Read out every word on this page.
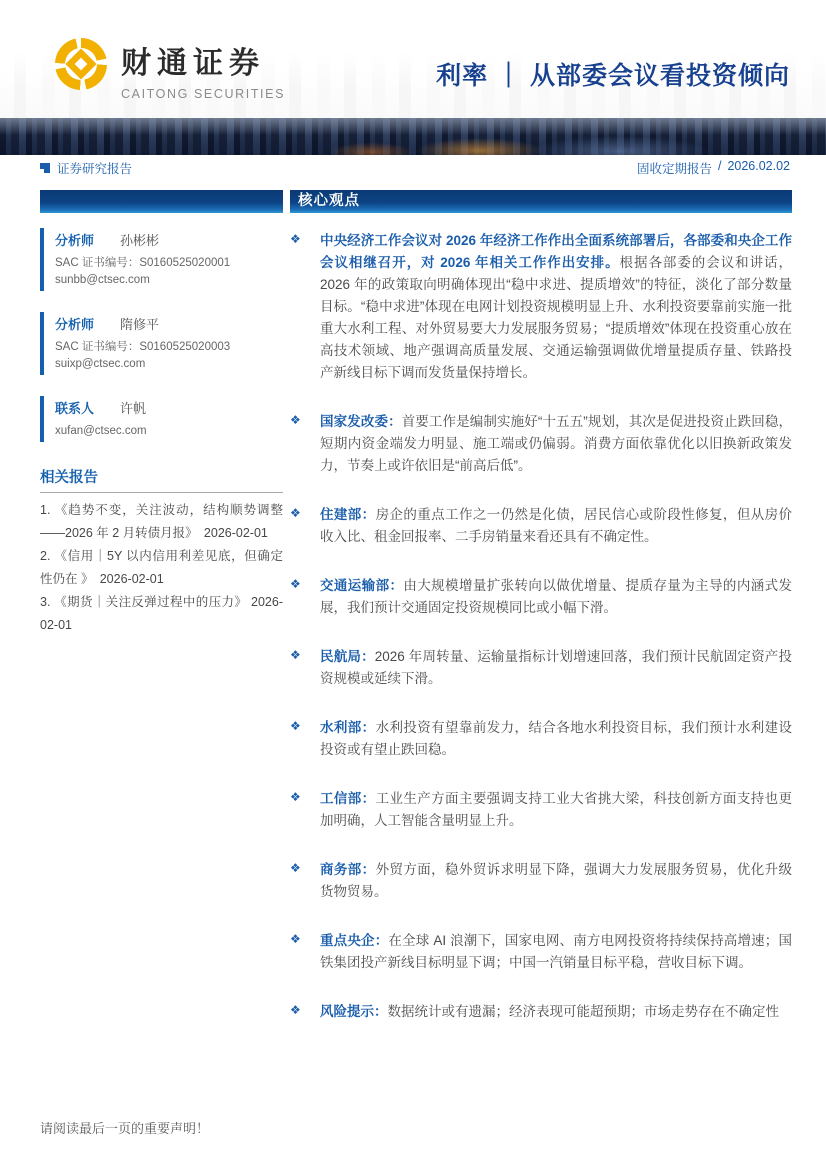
财通证券
CAITONG SECURITIES
利率 ｜ 从部委会议看投资倾向
证券研究报告	固收定期报告 / 2026.02.02
核心观点
分析师 孙彬彬
SAC 证书编号：S0160525020001
sunbb@ctsec.com
分析师 隋修平
SAC 证书编号：S0160525020003
suixp@ctsec.com
联系人 许帆
xufan@ctsec.com
相关报告
1. 《趋势不变，关注波动，结构顺势调整——2026 年 2 月转债月报》　2026-02-01
2. 《信用｜5Y 以内信用利差见底，但确定性仍在 》　2026-02-01
3. 《期货｜关注反弹过程中的压力》 2026-02-01
❖	中央经济工作会议对 2026 年经济工作作出全面系统部署后，各部委和央企工作会议相继召开，对 2026 年相关工作作出安排。根据各部委的会议和讲话，2026 年的政策取向明确体现出“稳中求进、提质增效”的特征，淡化了部分数量目标。“稳中求进”体现在电网计划投资规模明显上升、水利投资要靠前实施一批重大水利工程、对外贸易要大力发展服务贸易；“提质增效”体现在投资重心放在高技术领域、地产强调高质量发展、交通运输强调做优增量提质存量、铁路投产新线目标下调而发货量保持增长。
❖	国家发改委：首要工作是编制实施好“十五五”规划，其次是促进投资止跌回稳，短期内资金端发力明显、施工端或仍偏弱。消费方面依靠优化以旧换新政策发力，节奏上或许依旧是“前高后低”。
❖	住建部：房企的重点工作之一仍然是化债，居民信心或阶段性修复，但从房价收入比、租金回报率、二手房销量来看还具有不确定性。
❖	交通运输部：由大规模增量扩张转向以做优增量、提质存量为主导的内涵式发展，我们预计交通固定投资规模同比或小幅下滑。
❖	民航局：2026 年周转量、运输量指标计划增速回落，我们预计民航固定资产投资规模或延续下滑。
❖	水利部：水利投资有望靠前发力，结合各地水利投资目标，我们预计水利建设投资或有望止跌回稳。
❖	工信部：工业生产方面主要强调支持工业大省挑大梁，科技创新方面支持也更加明确，人工智能含量明显上升。
❖	商务部：外贸方面，稳外贸诉求明显下降，强调大力发展服务贸易，优化升级货物贸易。
❖	重点央企：在全球 AI 浪潮下，国家电网、南方电网投资将持续保持高增速；国铁集团投产新线目标明显下调；中国一汽销量目标平稳，营收目标下调。
❖	风险提示：数据统计或有遗漏；经济表现可能超预期；市场走势存在不确定性
请阅读最后一页的重要声明！
